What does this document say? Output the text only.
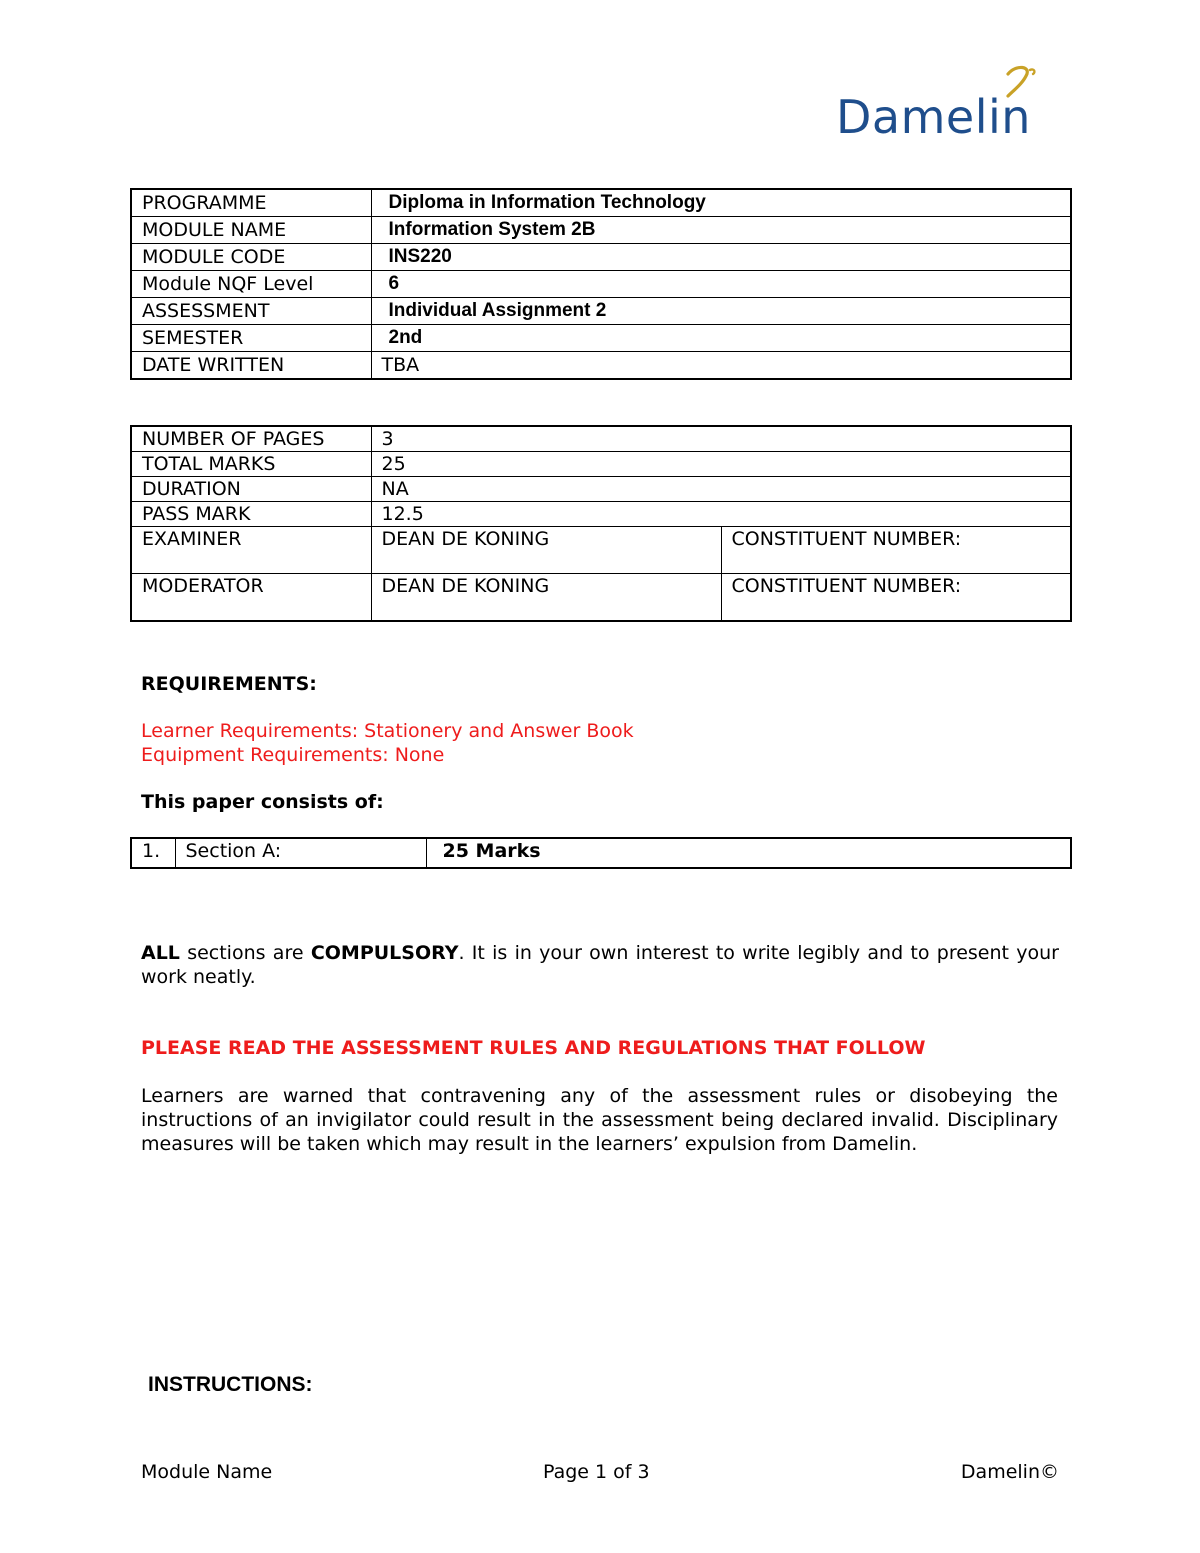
Damelin
PROGRAMME	Diploma in Information Technology
MODULE NAME	Information System 2B
MODULE CODE	INS220
Module NQF Level	6
ASSESSMENT	Individual Assignment 2
SEMESTER	2nd
DATE WRITTEN	TBA
NUMBER OF PAGES	3	
TOTAL MARKS	25	
DURATION	NA	
PASS MARK	12.5	
EXAMINER	DEAN DE KONING	CONSTITUENT NUMBER:
MODERATOR	DEAN DE KONING	CONSTITUENT NUMBER:
REQUIREMENTS:
Learner Requirements: Stationery and Answer Book
Equipment Requirements: None
This paper consists of:
1.	Section A:	25 Marks
ALL sections are COMPULSORY. It is in your own interest to write legibly and to present your work neatly.
PLEASE READ THE ASSESSMENT RULES AND REGULATIONS THAT FOLLOW
Learners are warned that contravening any of the assessment rules or disobeying the instructions of an invigilator could result in the assessment being declared invalid. Disciplinary measures will be taken which may result in the learners’ expulsion from Damelin.
INSTRUCTIONS:
Module Name	Page 1 of 3	Damelin©
